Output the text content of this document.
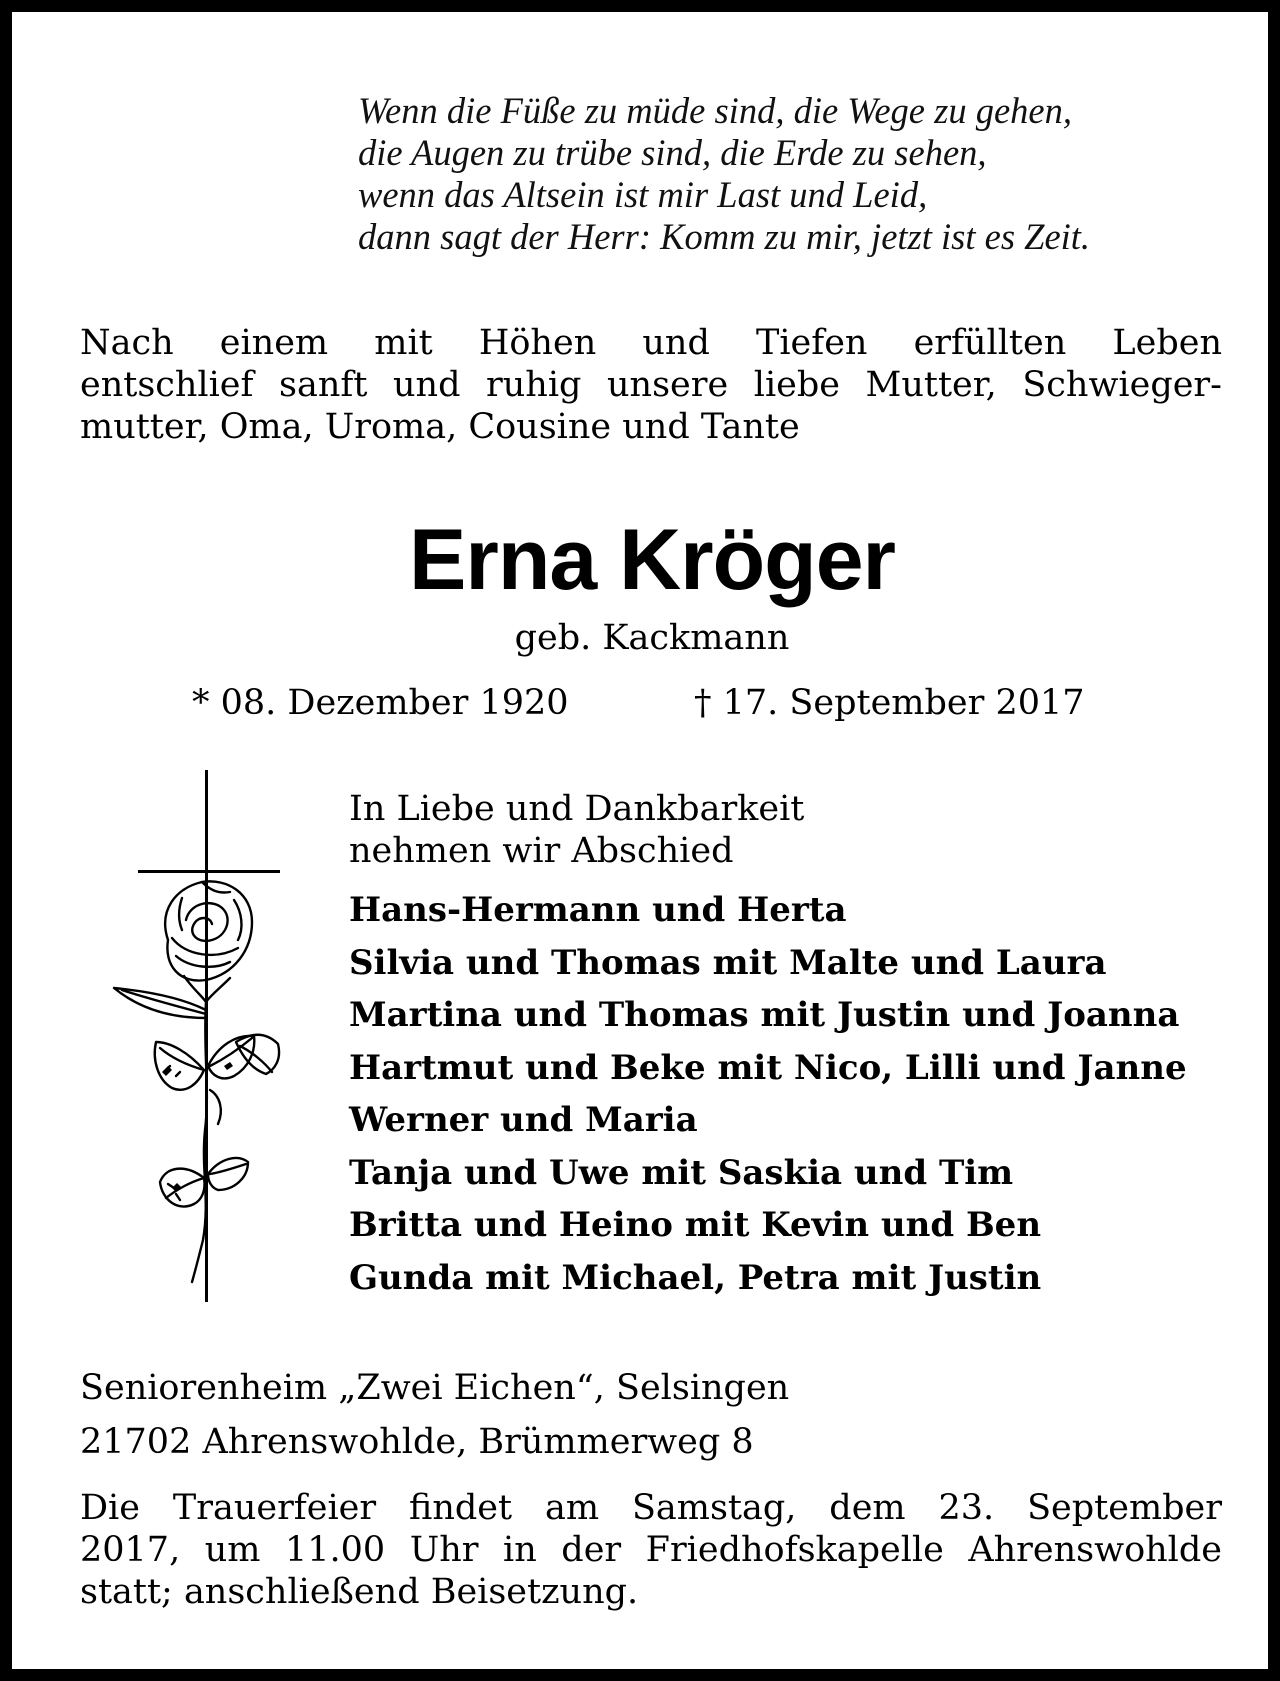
Wenn die Füße zu müde sind, die Wege zu gehen,
die Augen zu trübe sind, die Erde zu sehen,
wenn das Altsein ist mir Last und Leid,
dann sagt der Herr: Komm zu mir, jetzt ist es Zeit.
Nach einem mit Höhen und Tiefen erfüllten Leben
entschlief sanft und ruhig unsere liebe Mutter, Schwieger-
mutter, Oma, Uroma, Cousine und Tante
Erna Kröger
geb. Kackmann
* 08. Dezember 1920	† 17. September 2017
In Liebe und Dankbarkeit
nehmen wir Abschied
Hans-Hermann und Herta
Silvia und Thomas mit Malte und Laura
Martina und Thomas mit Justin und Joanna
Hartmut und Beke mit Nico, Lilli und Janne
Werner und Maria
Tanja und Uwe mit Saskia und Tim
Britta und Heino mit Kevin und Ben
Gunda mit Michael, Petra mit Justin
Seniorenheim „Zwei Eichen“, Selsingen
21702 Ahrenswohlde, Brümmerweg 8
Die Trauerfeier findet am Samstag, dem 23. September
2017, um 11.00 Uhr in der Friedhofskapelle Ahrenswohlde
statt; anschließend Beisetzung.
